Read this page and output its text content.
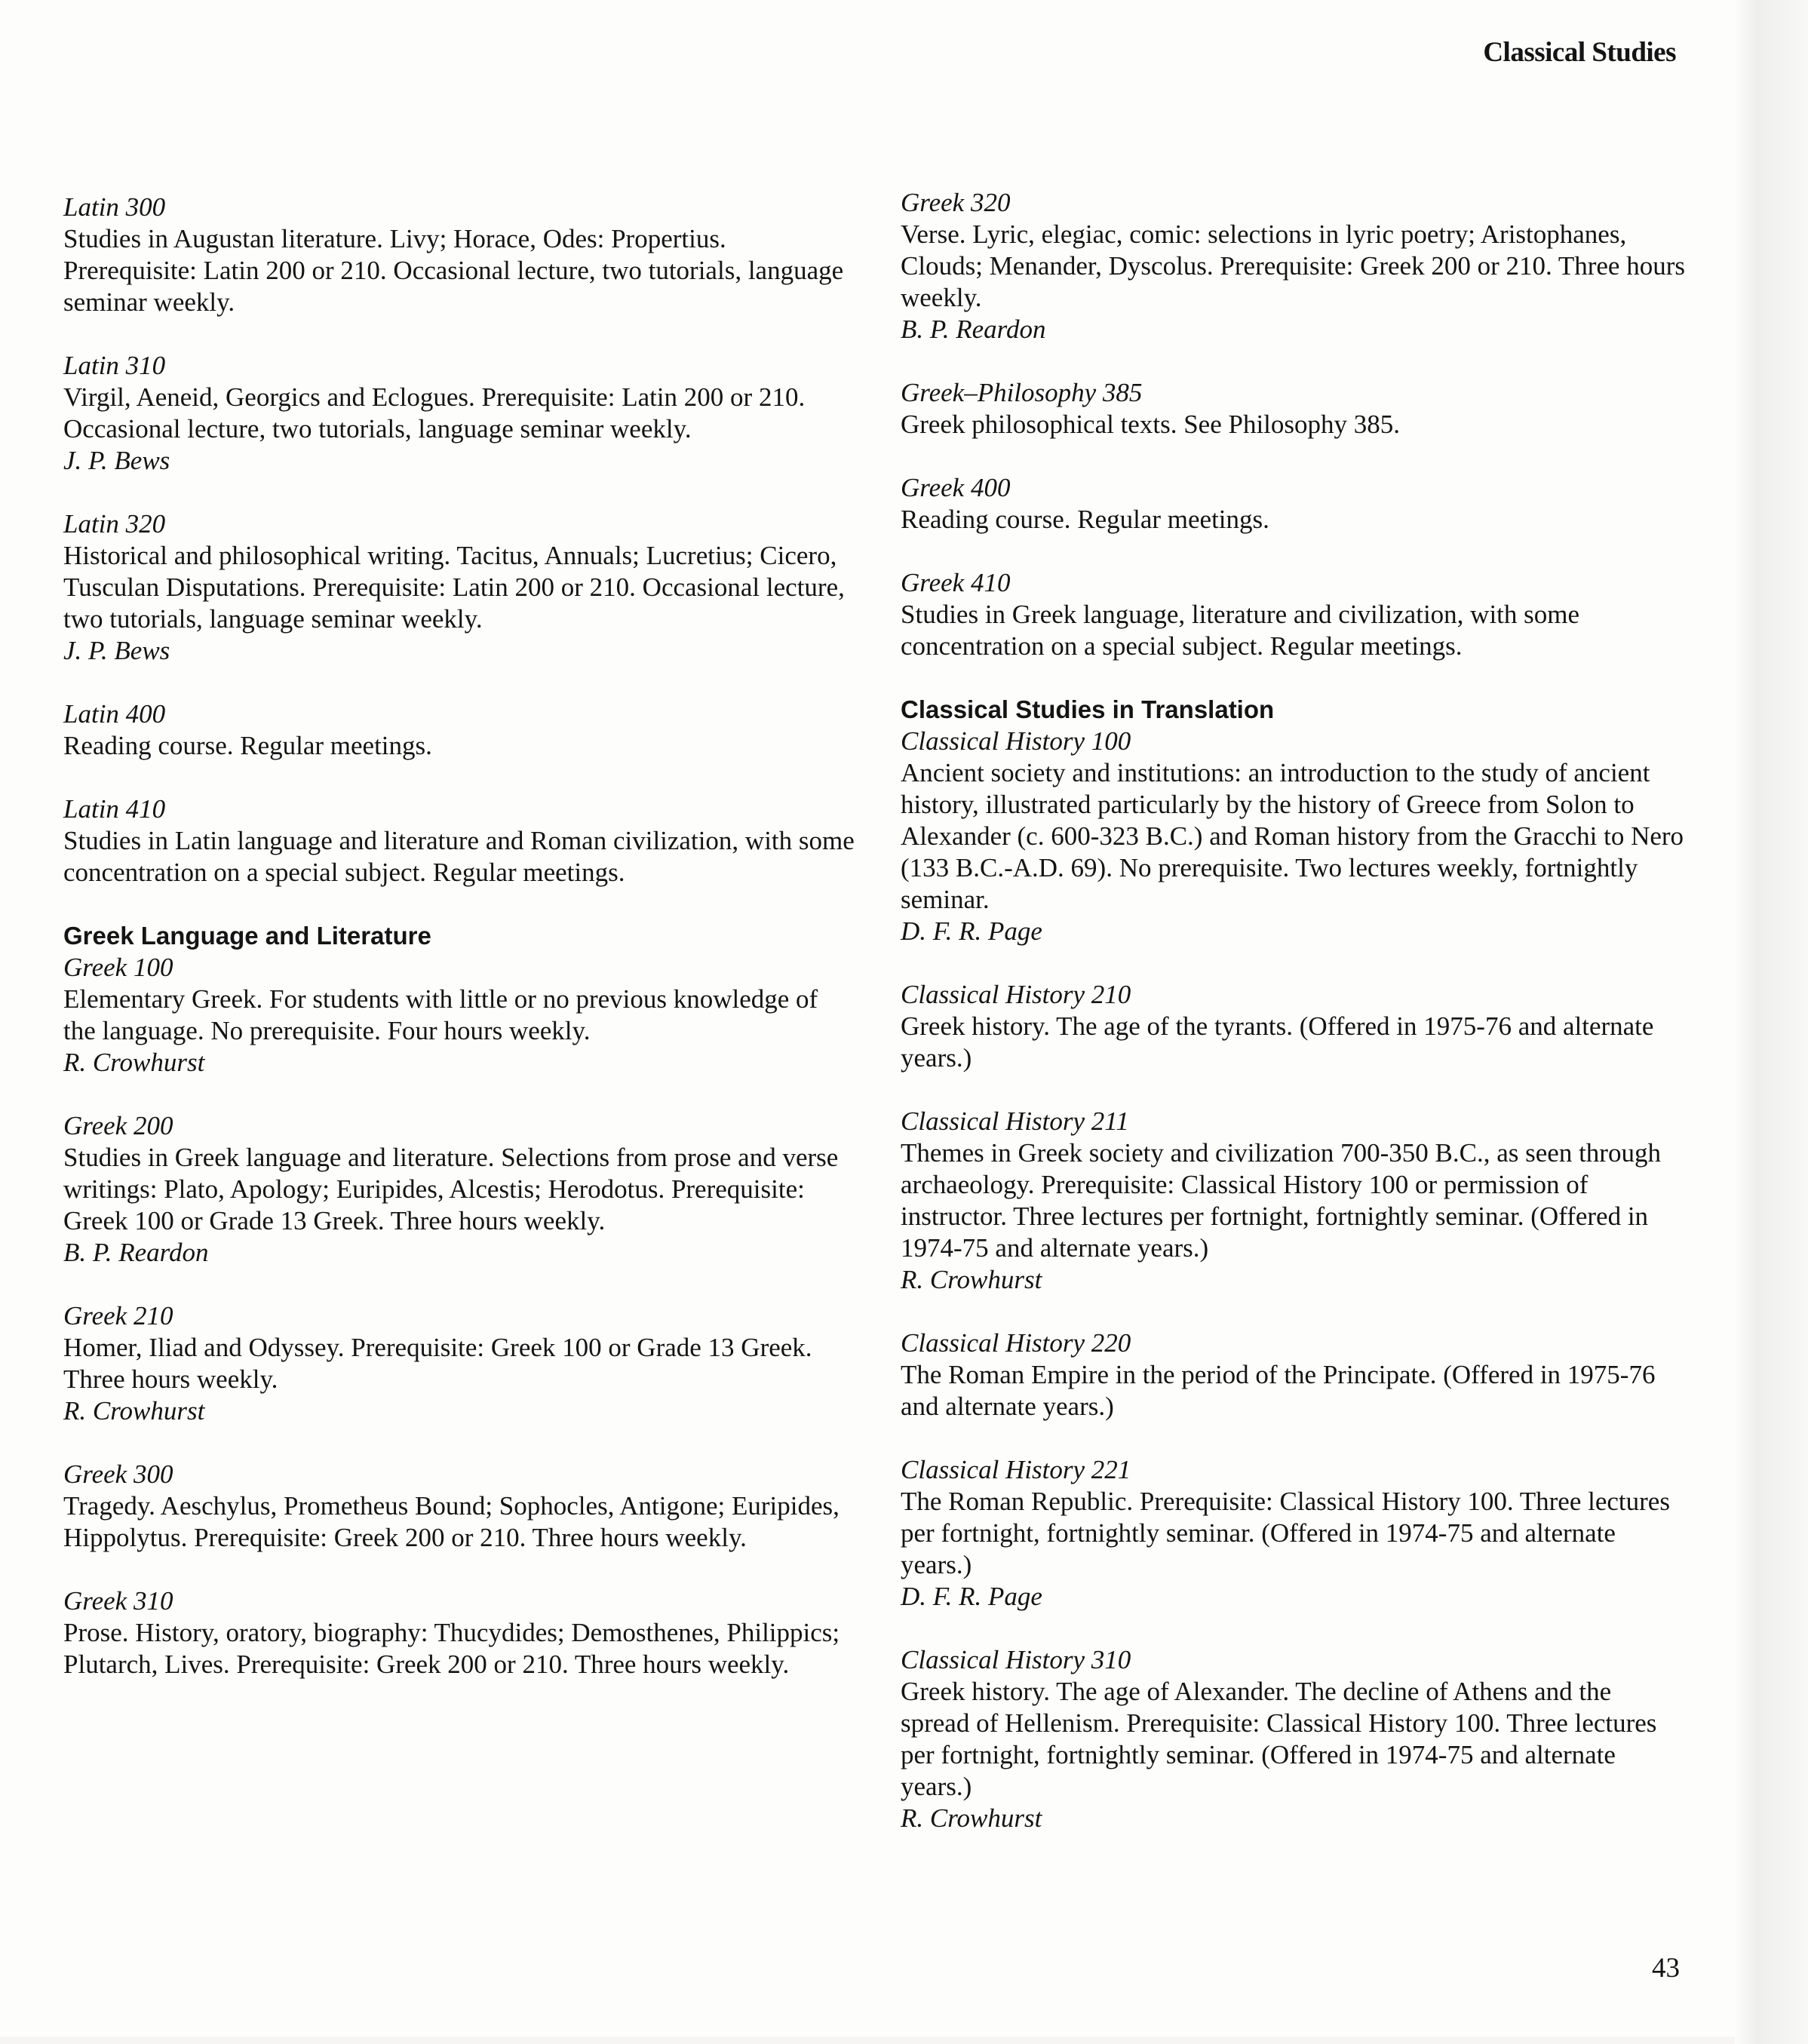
Classical Studies
Latin 300
Studies in Augustan literature. Livy; Horace, Odes: Propertius. Prerequisite: Latin 200 or 210. Occasional lecture, two tutorials, language seminar weekly.
Latin 310
Virgil, Aeneid, Georgics and Eclogues. Prerequisite: Latin 200 or 210. Occasional lecture, two tutorials, language seminar weekly.
J. P. Bews
Latin 320
Historical and philosophical writing. Tacitus, Annuals; Lucretius; Cicero, Tusculan Disputations. Prerequisite: Latin 200 or 210. Occasional lecture, two tutorials, language seminar weekly.
J. P. Bews
Latin 400
Reading course. Regular meetings.
Latin 410
Studies in Latin language and literature and Roman civilization, with some concentration on a special subject. Regular meetings.
Greek Language and Literature
Greek 100
Elementary Greek. For students with little or no previous knowledge of the language. No prerequisite. Four hours weekly.
R. Crowhurst
Greek 200
Studies in Greek language and literature. Selections from prose and verse writings: Plato, Apology; Euripides, Alcestis; Herodotus. Prerequisite: Greek 100 or Grade 13 Greek. Three hours weekly.
B. P. Reardon
Greek 210
Homer, Iliad and Odyssey. Prerequisite: Greek 100 or Grade 13 Greek. Three hours weekly.
R. Crowhurst
Greek 300
Tragedy. Aeschylus, Prometheus Bound; Sophocles, Antigone; Euripides, Hippolytus. Prerequisite: Greek 200 or 210. Three hours weekly.
Greek 310
Prose. History, oratory, biography: Thucydides; Demosthenes, Philippics; Plutarch, Lives. Prerequisite: Greek 200 or 210. Three hours weekly.
Greek 320
Verse. Lyric, elegiac, comic: selections in lyric poetry; Aristophanes, Clouds; Menander, Dyscolus. Prerequisite: Greek 200 or 210. Three hours weekly.
B. P. Reardon
Greek–Philosophy 385
Greek philosophical texts. See Philosophy 385.
Greek 400
Reading course. Regular meetings.
Greek 410
Studies in Greek language, literature and civilization, with some concentration on a special subject. Regular meetings.
Classical Studies in Translation
Classical History 100
Ancient society and institutions: an introduction to the study of ancient history, illustrated particularly by the history of Greece from Solon to Alexander (c. 600-323 B.C.) and Roman history from the Gracchi to Nero (133 B.C.-A.D. 69). No prerequisite. Two lectures weekly, fortnightly seminar.
D. F. R. Page
Classical History 210
Greek history. The age of the tyrants. (Offered in 1975-76 and alternate years.)
Classical History 211
Themes in Greek society and civilization 700-350 B.C., as seen through archaeology. Prerequisite: Classical History 100 or permission of instructor. Three lectures per fortnight, fortnightly seminar. (Offered in 1974-75 and alternate years.)
R. Crowhurst
Classical History 220
The Roman Empire in the period of the Principate. (Offered in 1975-76 and alternate years.)
Classical History 221
The Roman Republic. Prerequisite: Classical History 100. Three lectures per fortnight, fortnightly seminar. (Offered in 1974-75 and alternate years.)
D. F. R. Page
Classical History 310
Greek history. The age of Alexander. The decline of Athens and the spread of Hellenism. Prerequisite: Classical History 100. Three lectures per fortnight, fortnightly seminar. (Offered in 1974-75 and alternate years.)
R. Crowhurst
43
